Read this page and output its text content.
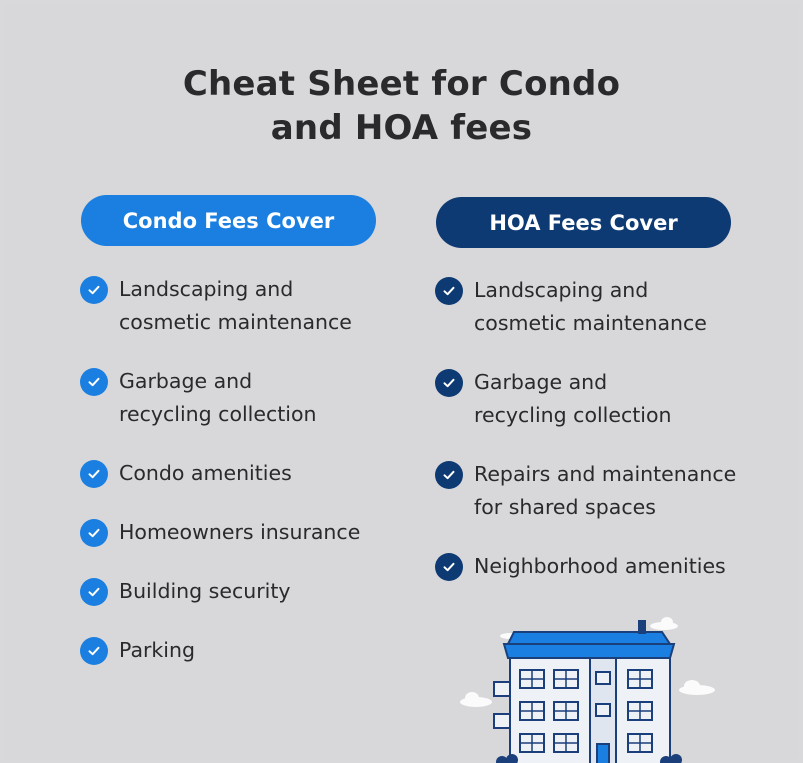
Cheat Sheet for Condo
and HOA fees
Condo Fees Cover	HOA Fees Cover
Landscaping and
cosmetic maintenance
Garbage and
recycling collection
Condo amenities
Homeowners insurance
Building security
Parking
Landscaping and
cosmetic maintenance
Garbage and
recycling collection
Repairs and maintenance
for shared spaces
Neighborhood amenities
